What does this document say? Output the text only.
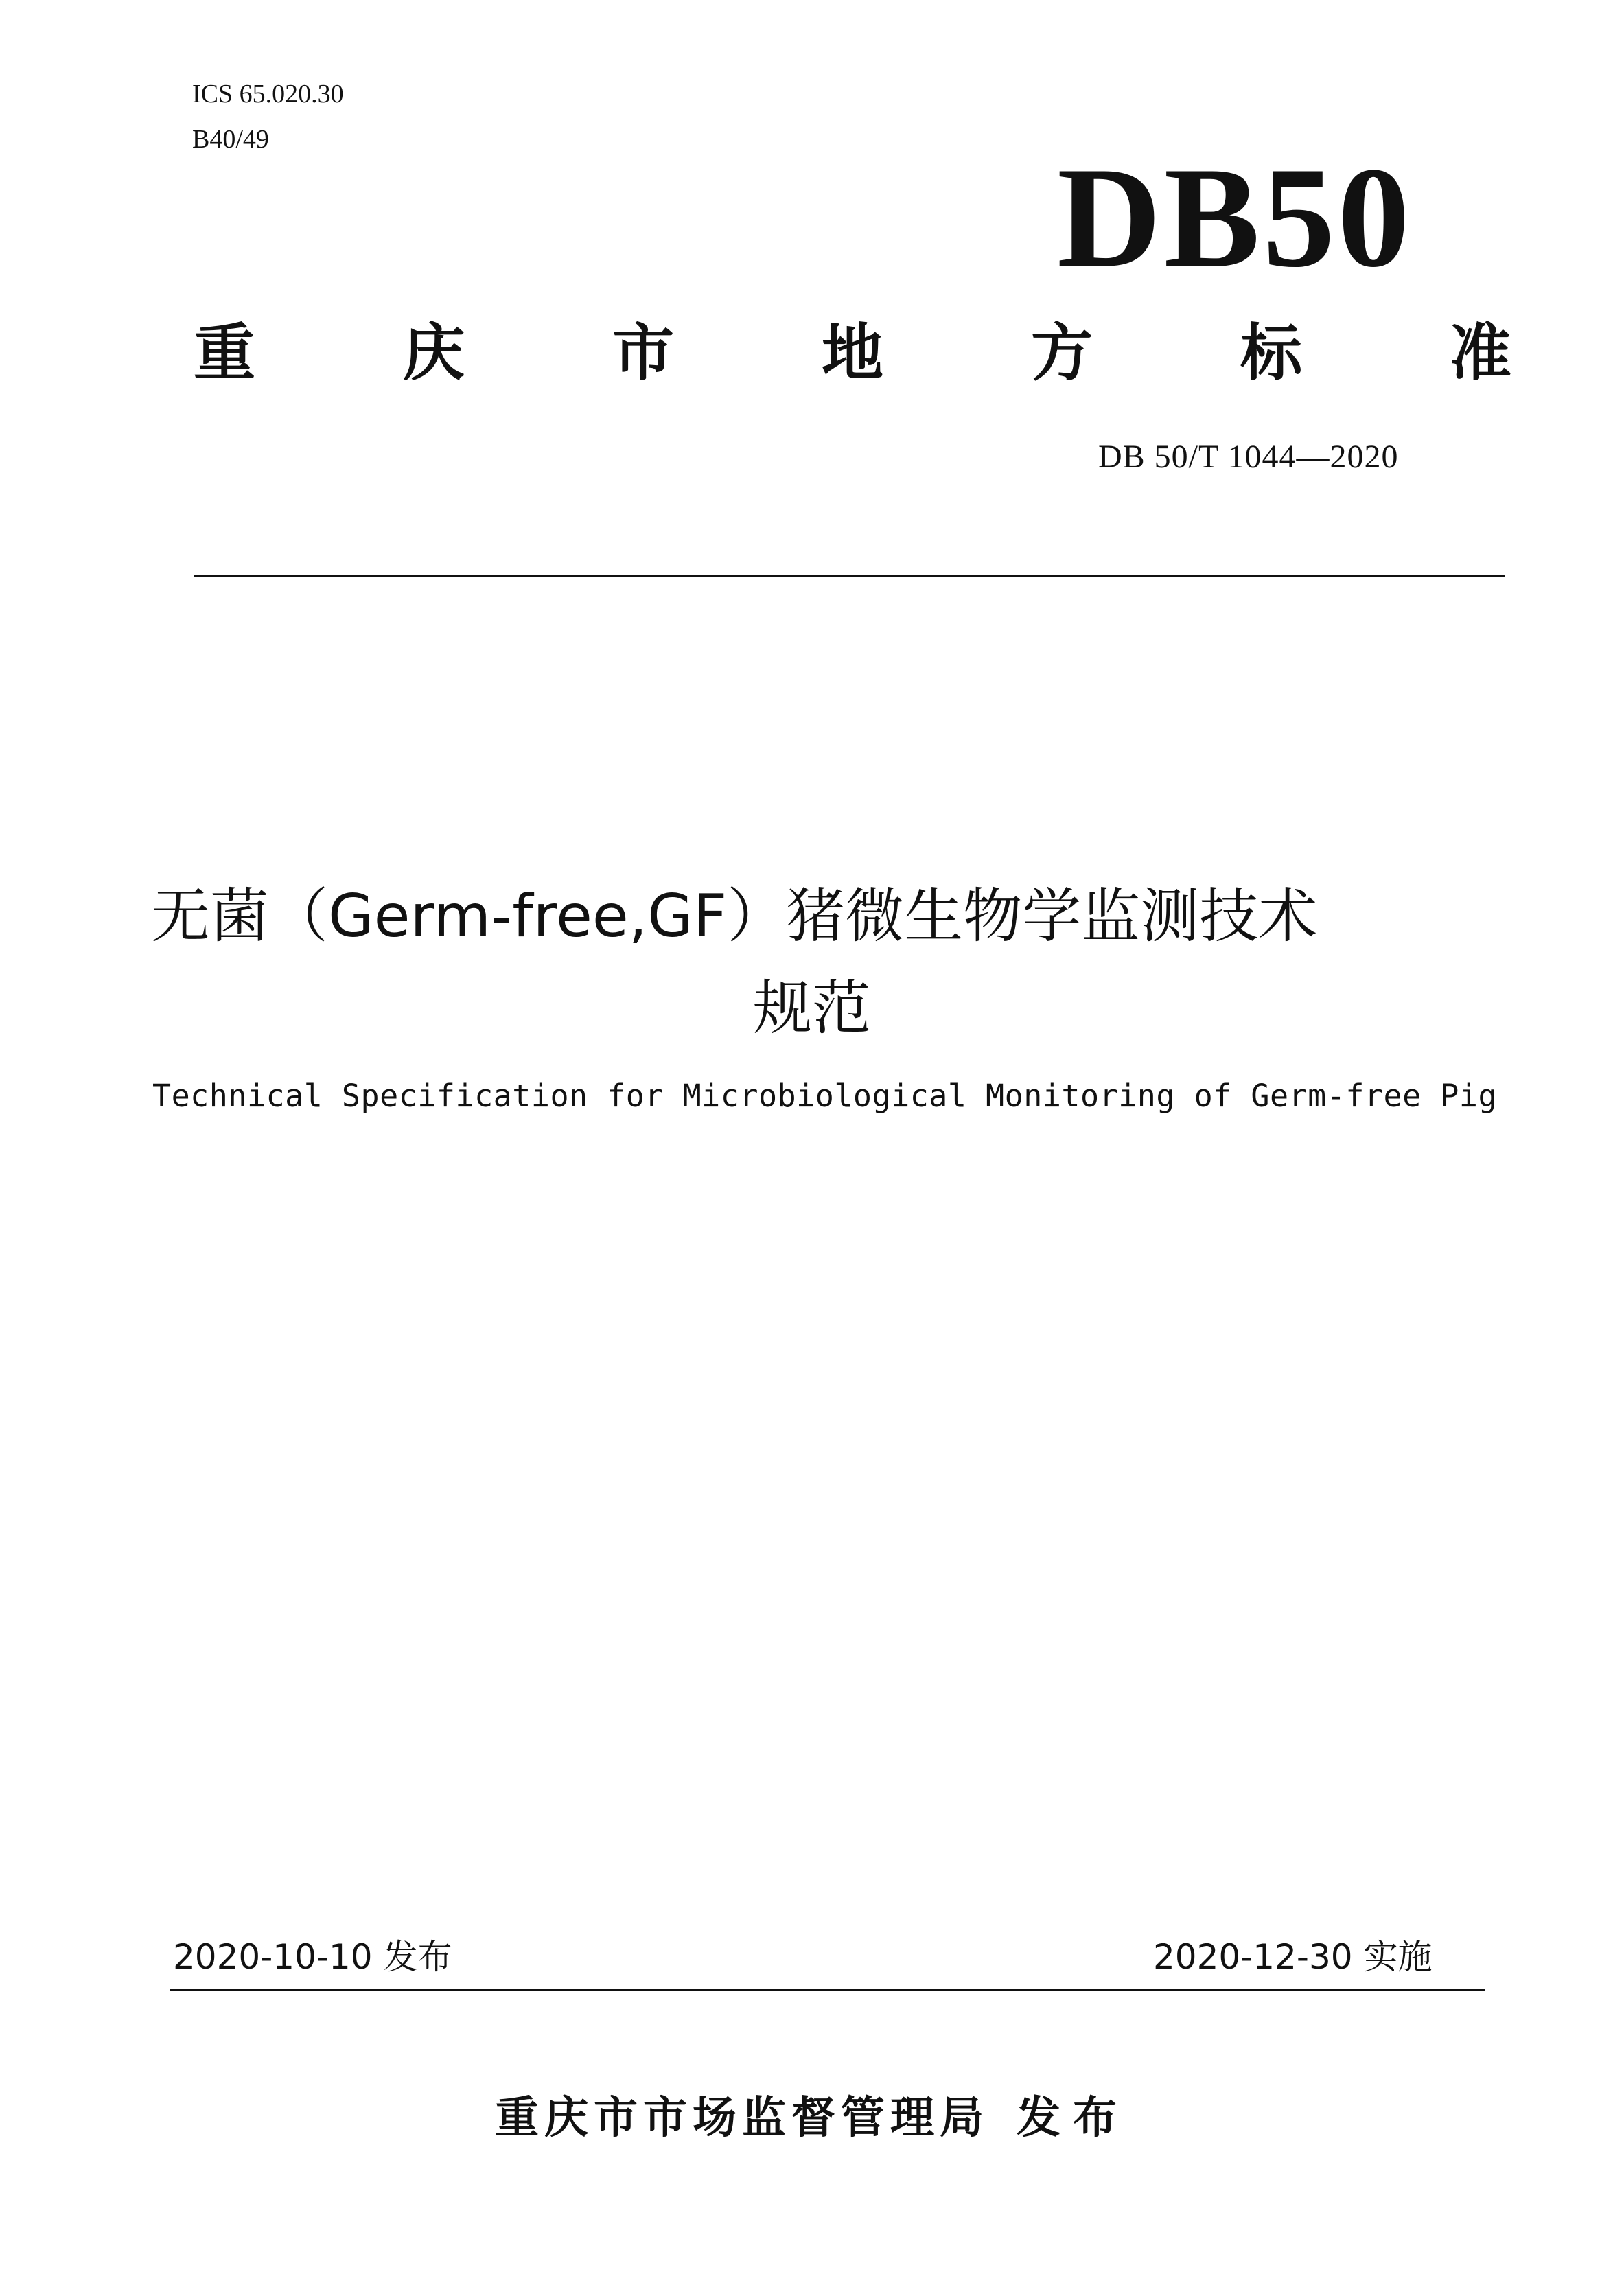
ICS 65.020.30
B40/49	DB50
重 庆 市 地 方 标 准
DB 50/T 1044—2020
无菌（Germ-free,GF）猪微生物学监测技术
规范
Technical Specification for Microbiological Monitoring of Germ-free Pig
2020-10-10 发布	2020-12-30 实施
重庆市市场监督管理局 发布
